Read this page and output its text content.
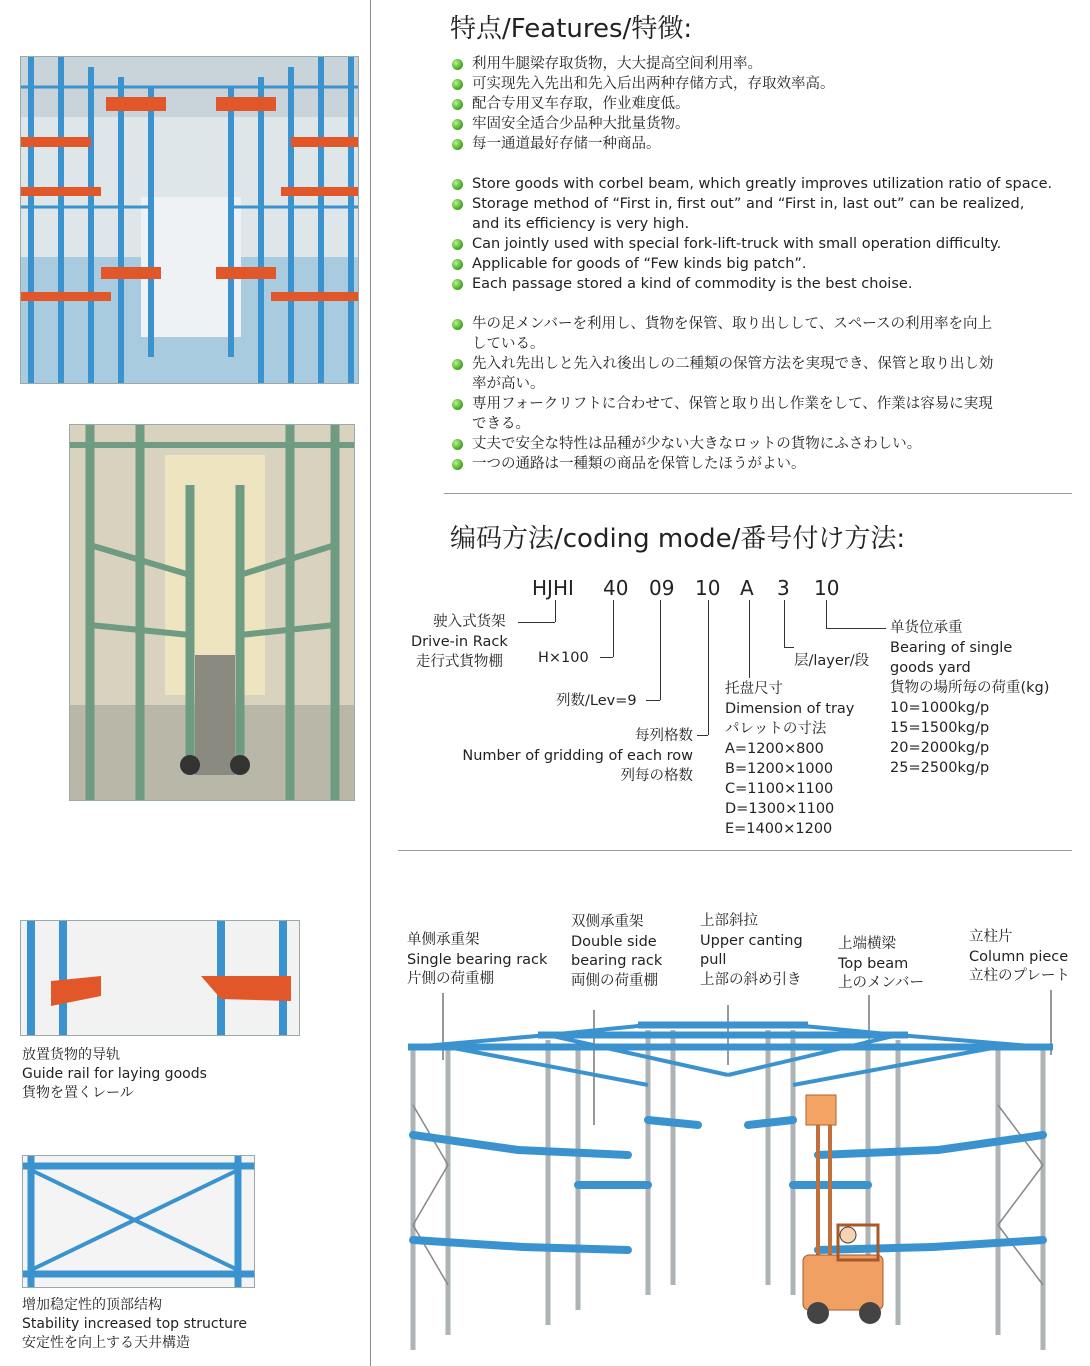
放置货物的导轨
Guide rail for laying goods
貨物を置くレール
增加稳定性的顶部结构
Stability increased top structure
安定性を向上する天井構造
特点/Features/特徴:
利用牛腿梁存取货物，大大提高空间利用率。
可实现先入先出和先入后出两种存储方式，存取效率高。
配合专用叉车存取，作业难度低。
牢固安全适合少品种大批量货物。
每一通道最好存储一种商品。
Store goods with corbel beam, which greatly improves utilization ratio of space.
Storage method of “First in, first out” and “First in, last out” can be realized,
and its efficiency is very high.
Can jointly used with special fork-lift-truck with small operation difficulty.
Applicable for goods of “Few kinds big patch”.
Each passage stored a kind of commodity is the best choise.
牛の足メンバーを利用し、貨物を保管、取り出しして、スペースの利用率を向上
している。
先入れ先出しと先入れ後出しの二種類の保管方法を実現でき、保管と取り出し効
率が高い。
専用フォークリフトに合わせて、保管と取り出し作業をして、作業は容易に実現
できる。
丈夫で安全な特性は品種が少ない大きなロットの貨物にふさわしい。
一つの通路は一種類の商品を保管したほうがよい。
编码方法/coding mode/番号付け方法:
HJHI 40 09 10 A 3 10
驶入式货架
Drive-in Rack
走行式貨物棚	H×100
列数/Lev=9
每列格数
Number of gridding of each row
列每の格数
层/layer/段
托盘尺寸
Dimension of tray
パレットの寸法
A=1200×800
B=1200×1000
C=1100×1100
D=1300×1100
E=1400×1200
单货位承重
Bearing of single
goods yard
貨物の場所毎の荷重(kg)
10=1000kg/p
15=1500kg/p
20=2000kg/p
25=2500kg/p
单侧承重架
Single bearing rack
片側の荷重棚
双侧承重架
Double side
bearing rack
両側の荷重棚
上部斜拉
Upper canting
pull
上部の斜め引き
上端横梁
Top beam
上のメンバー
立柱片
Column piece
立柱のプレート
